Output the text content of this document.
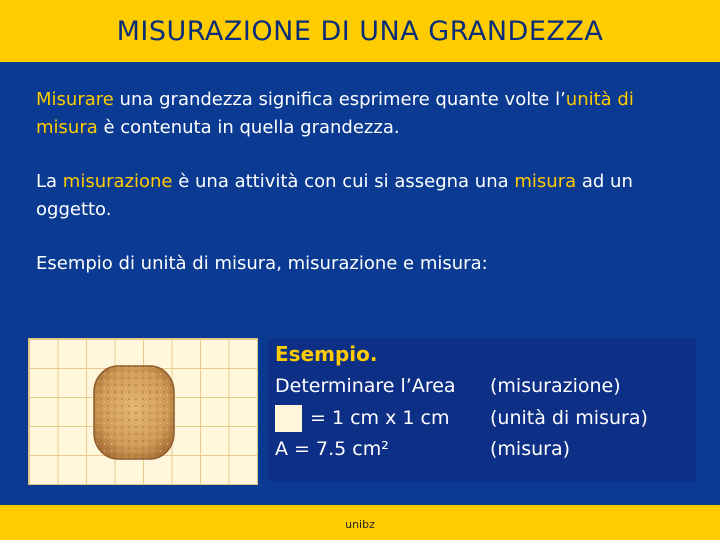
MISURAZIONE DI UNA GRANDEZZA

Misurare una grandezza significa esprimere quante volte l’unità di misura è contenuta in quella grandezza.

La misurazione è una attività con cui si assegna una misura ad un oggetto.

Esempio di unità di misura, misurazione e misura:

Esempio.
Determinare l’Area (misurazione)
= 1 cm x 1 cm (unità di misura)
A = 7.5 cm²	(misura)
unibz
